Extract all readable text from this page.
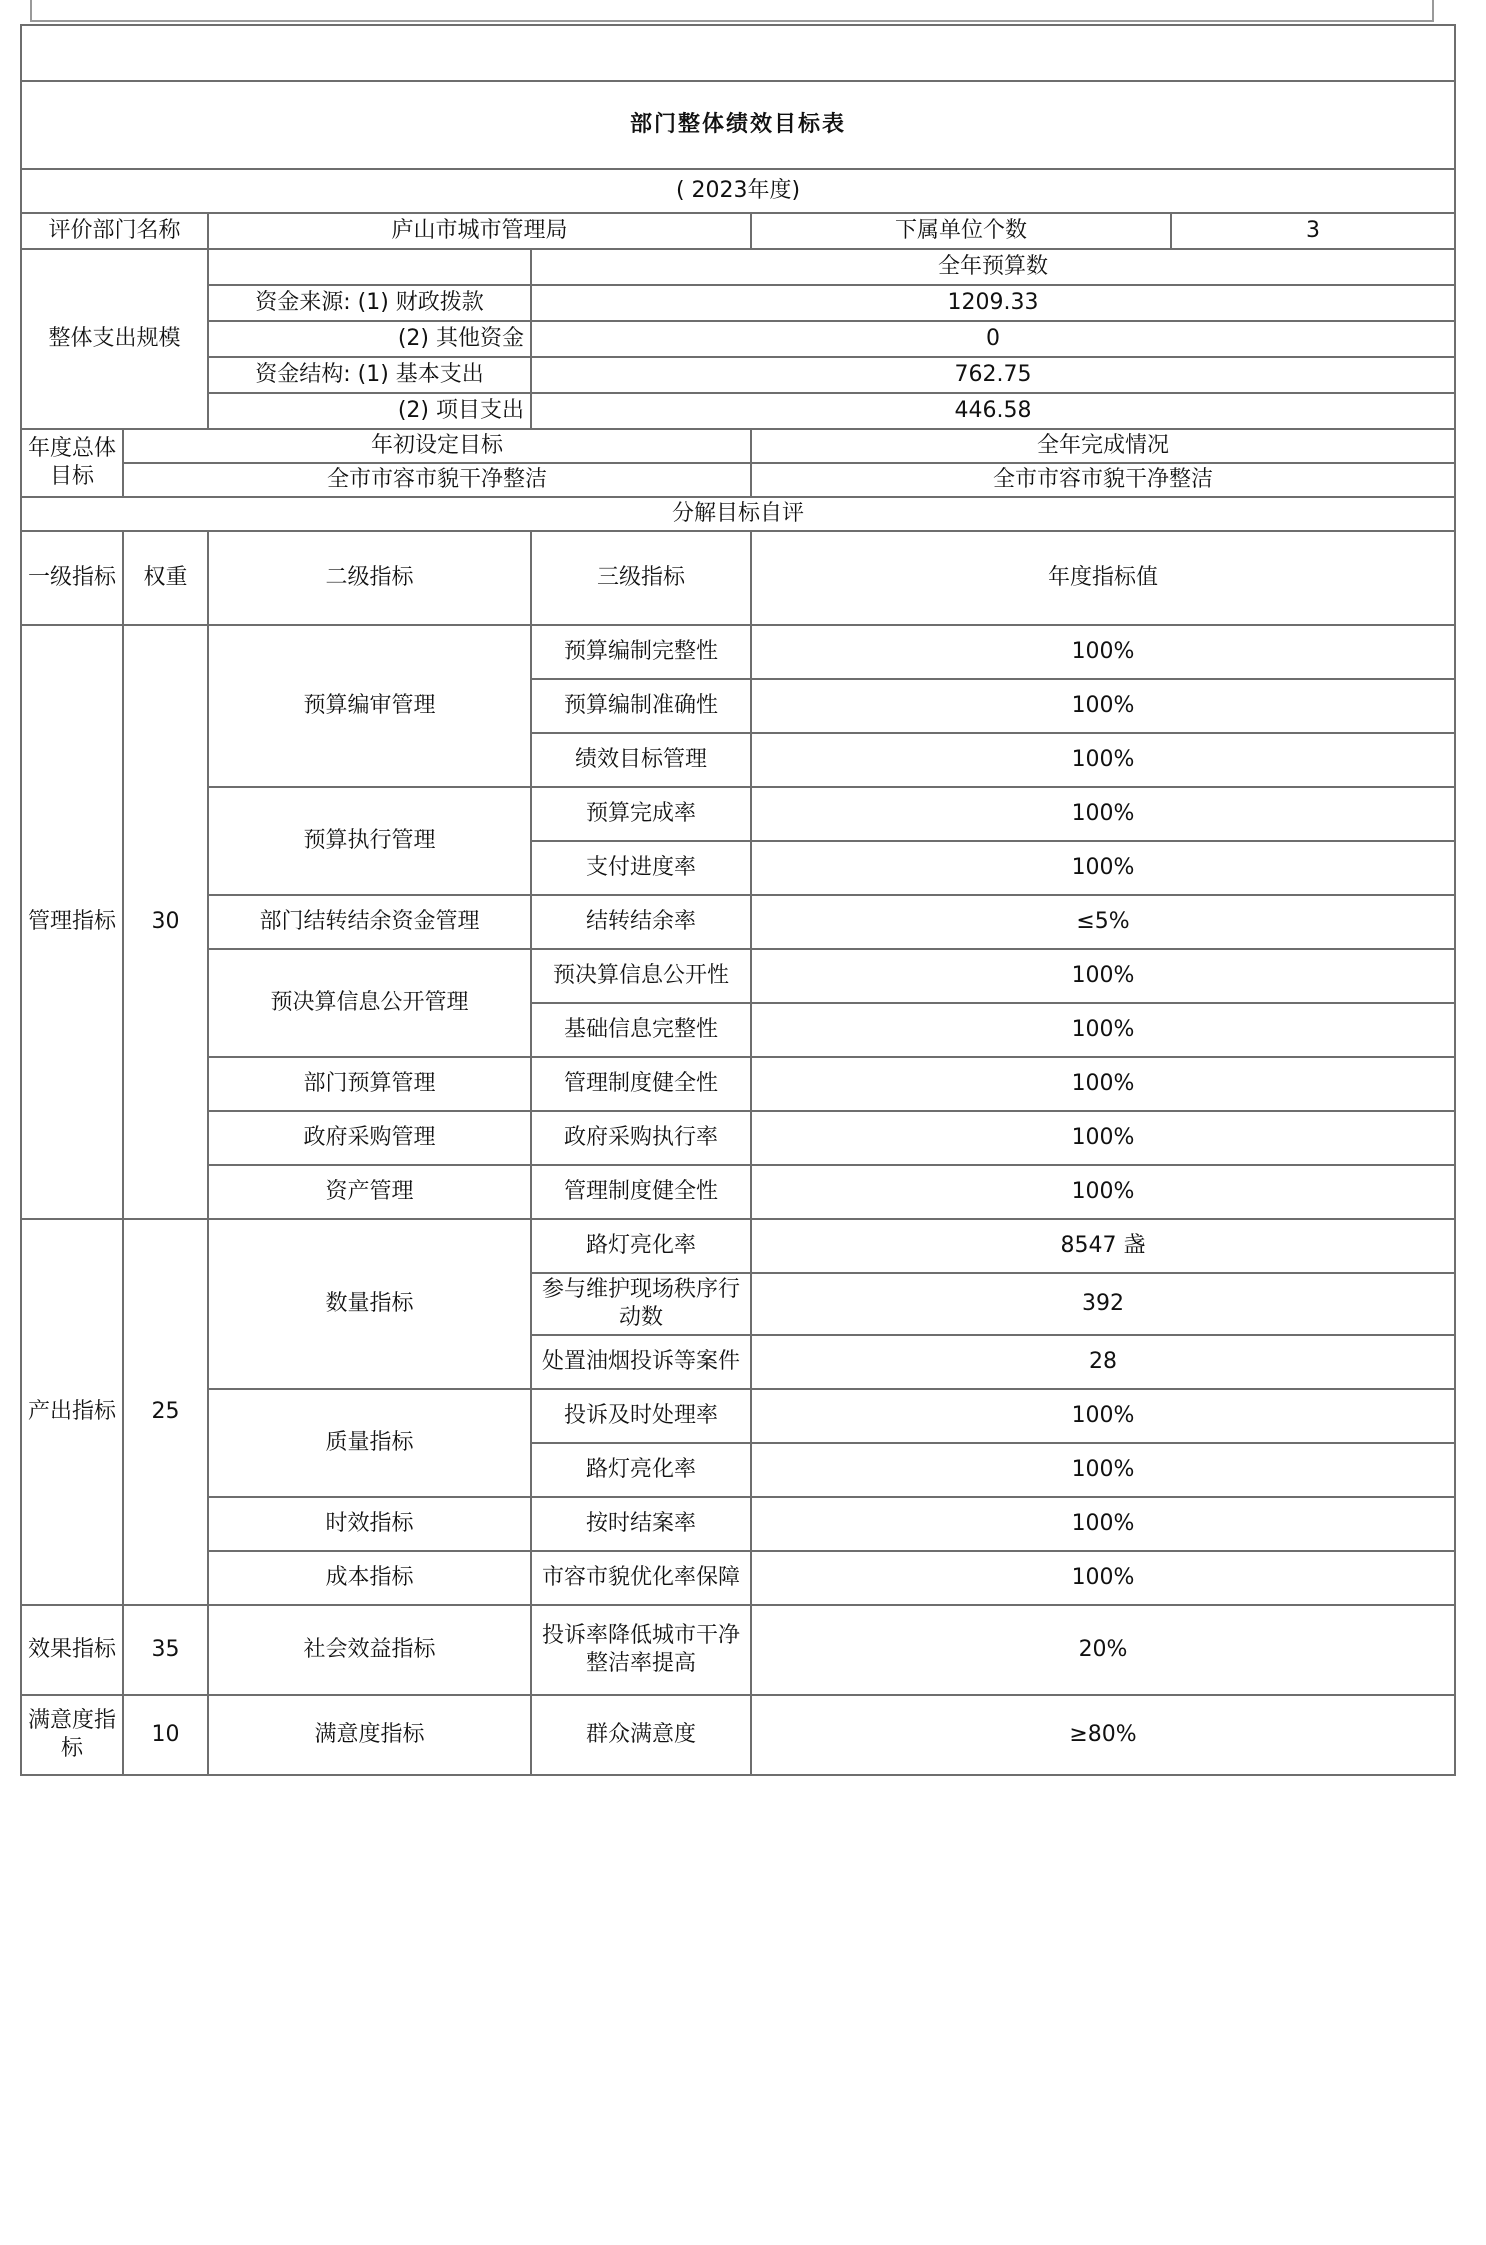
部门整体绩效目标表					
( 2023年度)					
评价部门名称		庐山市城市管理局		下属单位个数	3
整体支出规模			全年预算数		
		资金来源: (1) 财政拨款	1209.33		
		(2) 其他资金	0		
		资金结构: (1) 基本支出	762.75		
		(2) 项目支出	446.58		
年度总体目标	年初设定目标			全年完成情况	
	全市市容市貌干净整洁			全市市容市貌干净整洁	
分解目标自评					
一级指标	权重	二级指标	三级指标	年度指标值	
管理指标	30	预算编审管理	预算编制完整性	100%	
			预算编制准确性	100%	
			绩效目标管理	100%	
		预算执行管理	预算完成率	100%	
			支付进度率	100%	
		部门结转结余资金管理	结转结余率	≤5%	
		预决算信息公开管理	预决算信息公开性	100%	
			基础信息完整性	100%	
		部门预算管理	管理制度健全性	100%	
		政府采购管理	政府采购执行率	100%	
		资产管理	管理制度健全性	100%	
产出指标	25	数量指标	路灯亮化率	8547 盏	
			参与维护现场秩序行动数	392	
			处置油烟投诉等案件	28	
		质量指标	投诉及时处理率	100%	
			路灯亮化率	100%	
		时效指标	按时结案率	100%	
		成本指标	市容市貌优化率保障	100%	
效果指标	35	社会效益指标	投诉率降低城市干净整洁率提高	20%	
满意度指标	10	满意度指标	群众满意度	≥80%	
